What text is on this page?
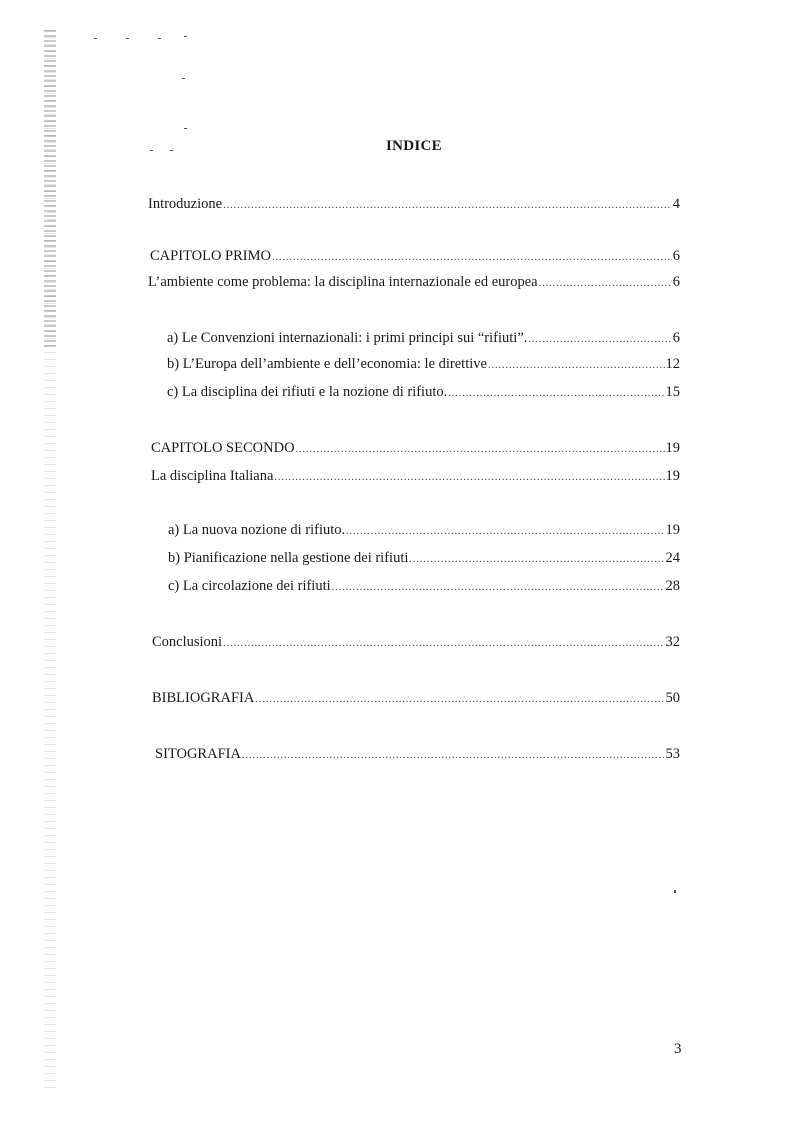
INDICE
Introduzione .....	4
CAPITOLO PRIMO .....	6
L’ambiente come problema: la disciplina internazionale ed europea .....	6
a) Le Convenzioni internazionali: i primi principi sui “rifiuti”. .....	6
b) L’Europa dell’ambiente e dell’economia: le direttive .....	12
c) La disciplina dei rifiuti e la nozione di rifiuto. .....	15
CAPITOLO SECONDO .....	19
La disciplina Italiana .....	19
a) La nuova nozione di rifiuto. .....	19
b) Pianificazione nella gestione dei rifiuti .....	24
c) La circolazione dei rifiuti .....	28
Conclusioni .....	32
BIBLIOGRAFIA .....	50
SITOGRAFIA .....	53
3
